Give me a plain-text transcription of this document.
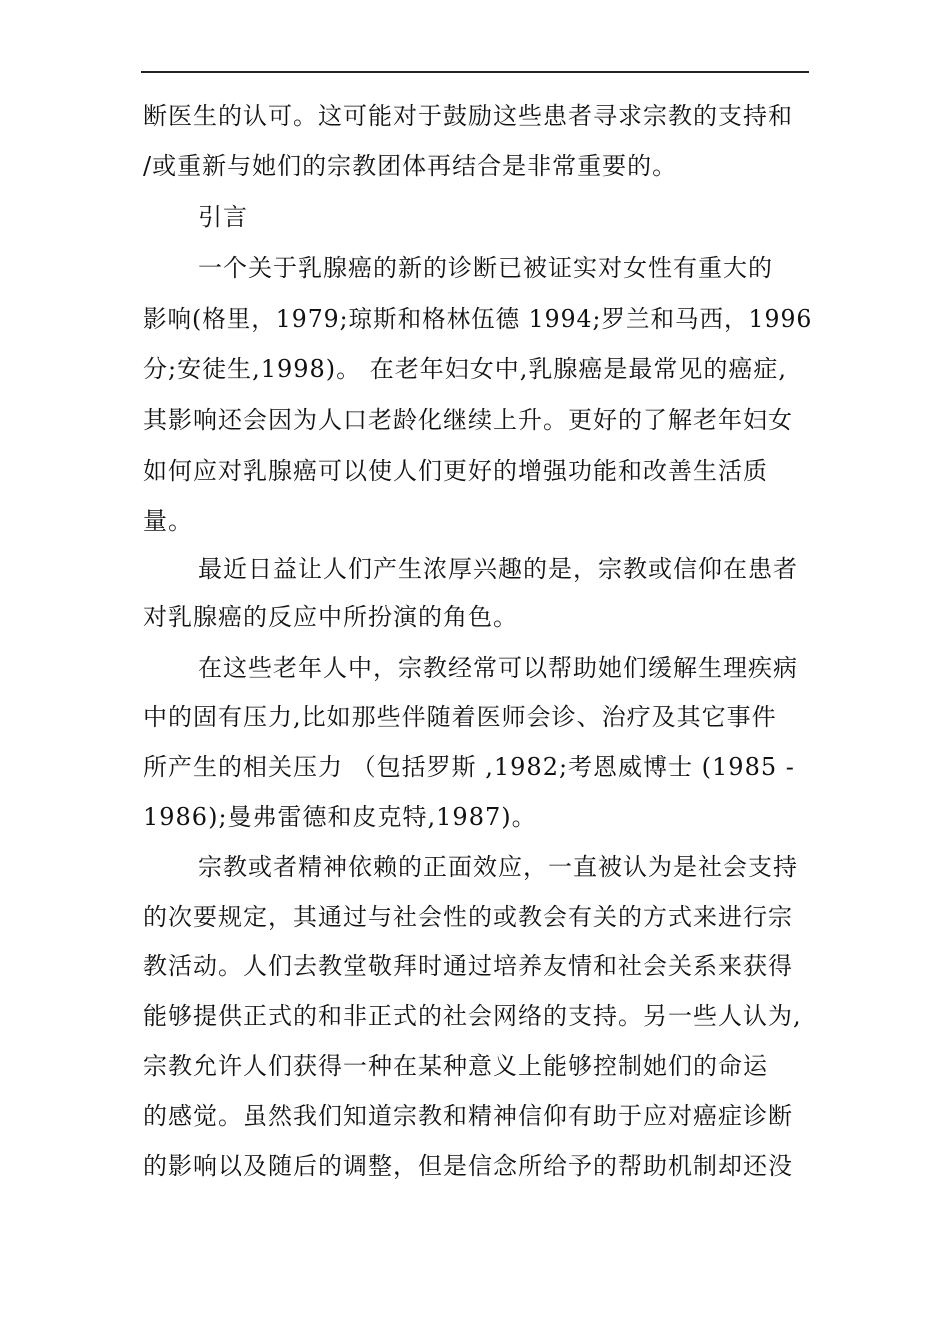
断医生的认可。这可能对于鼓励这些患者寻求宗教的支持和
/或重新与她们的宗教团体再结合是非常重要的。
引言
一个关于乳腺癌的新的诊断已被证实对女性有重大的
影响(格里，1979;琼斯和格林伍德 1994;罗兰和马西，1996
分;安徒生,1998)。 在老年妇女中,乳腺癌是最常见的癌症,
其影响还会因为人口老龄化继续上升。更好的了解老年妇女
如何应对乳腺癌可以使人们更好的增强功能和改善生活质
量。
最近日益让人们产生浓厚兴趣的是，宗教或信仰在患者
对乳腺癌的反应中所扮演的角色。
在这些老年人中，宗教经常可以帮助她们缓解生理疾病
中的固有压力,比如那些伴随着医师会诊、治疗及其它事件
所产生的相关压力 （包括罗斯 ,1982;考恩威博士 (1985 -
1986);曼弗雷德和皮克特,1987)。
宗教或者精神依赖的正面效应，一直被认为是社会支持
的次要规定，其通过与社会性的或教会有关的方式来进行宗
教活动。人们去教堂敬拜时通过培养友情和社会关系来获得
能够提供正式的和非正式的社会网络的支持。另一些人认为,
宗教允许人们获得一种在某种意义上能够控制她们的命运
的感觉。虽然我们知道宗教和精神信仰有助于应对癌症诊断
的影响以及随后的调整，但是信念所给予的帮助机制却还没
